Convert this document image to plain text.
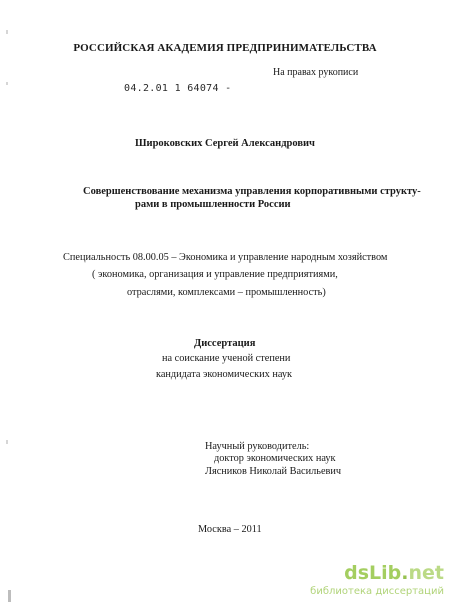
РОССИЙСКАЯ АКАДЕМИЯ ПРЕДПРИНИМАТЕЛЬСТВА
На правах рукописи
04.2.01 1 64074 -
Широковских Сергей Александрович
Совершенствование механизма управления корпоративными структу-
рами в промышленности России
Специальность 08.00.05 – Экономика и управление народным хозяйством
( экономика, организация и управление предприятиями,
отраслями, комплексами – промышленность)
Диссертация
на соискание ученой степени
кандидата экономических наук
Научный руководитель:
доктор экономических наук
Лясников Николай Васильевич
Москва – 2011
dsLib.net
библиотека диссертаций
